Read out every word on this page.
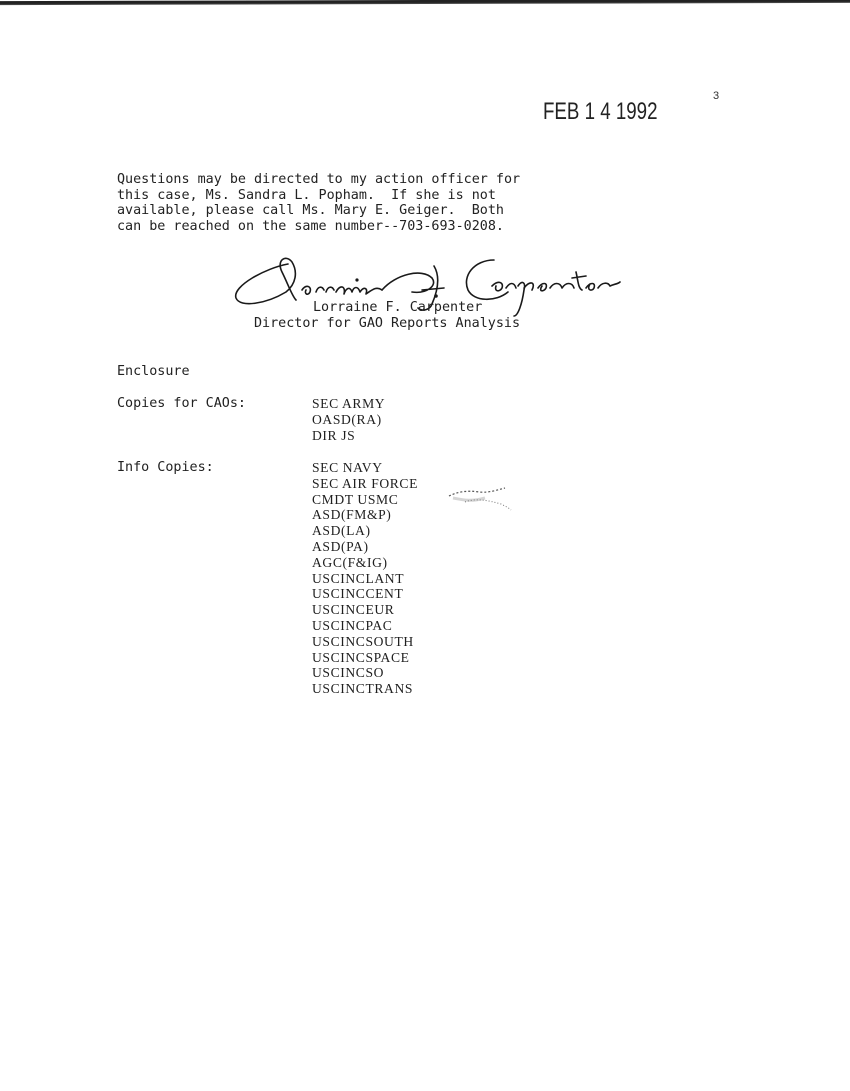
3
FEB 1 4 1992
Questions may be directed to my action officer for
this case, Ms. Sandra L. Popham.  If she is not
available, please call Ms. Mary E. Geiger.  Both
can be reached on the same number--703-693-0208.
Lorraine F. Carpenter
Director for GAO Reports Analysis
Enclosure
Copies for CAOs:	SEC ARMY
OASD(RA)
DIR JS
Info Copies:	SEC NAVY
SEC AIR FORCE
CMDT USMC
ASD(FM&P)
ASD(LA)
ASD(PA)
AGC(F&IG)
USCINCLANT
USCINCCENT
USCINCEUR
USCINCPAC
USCINCSOUTH
USCINCSPACE
USCINCSO
USCINCTRANS
